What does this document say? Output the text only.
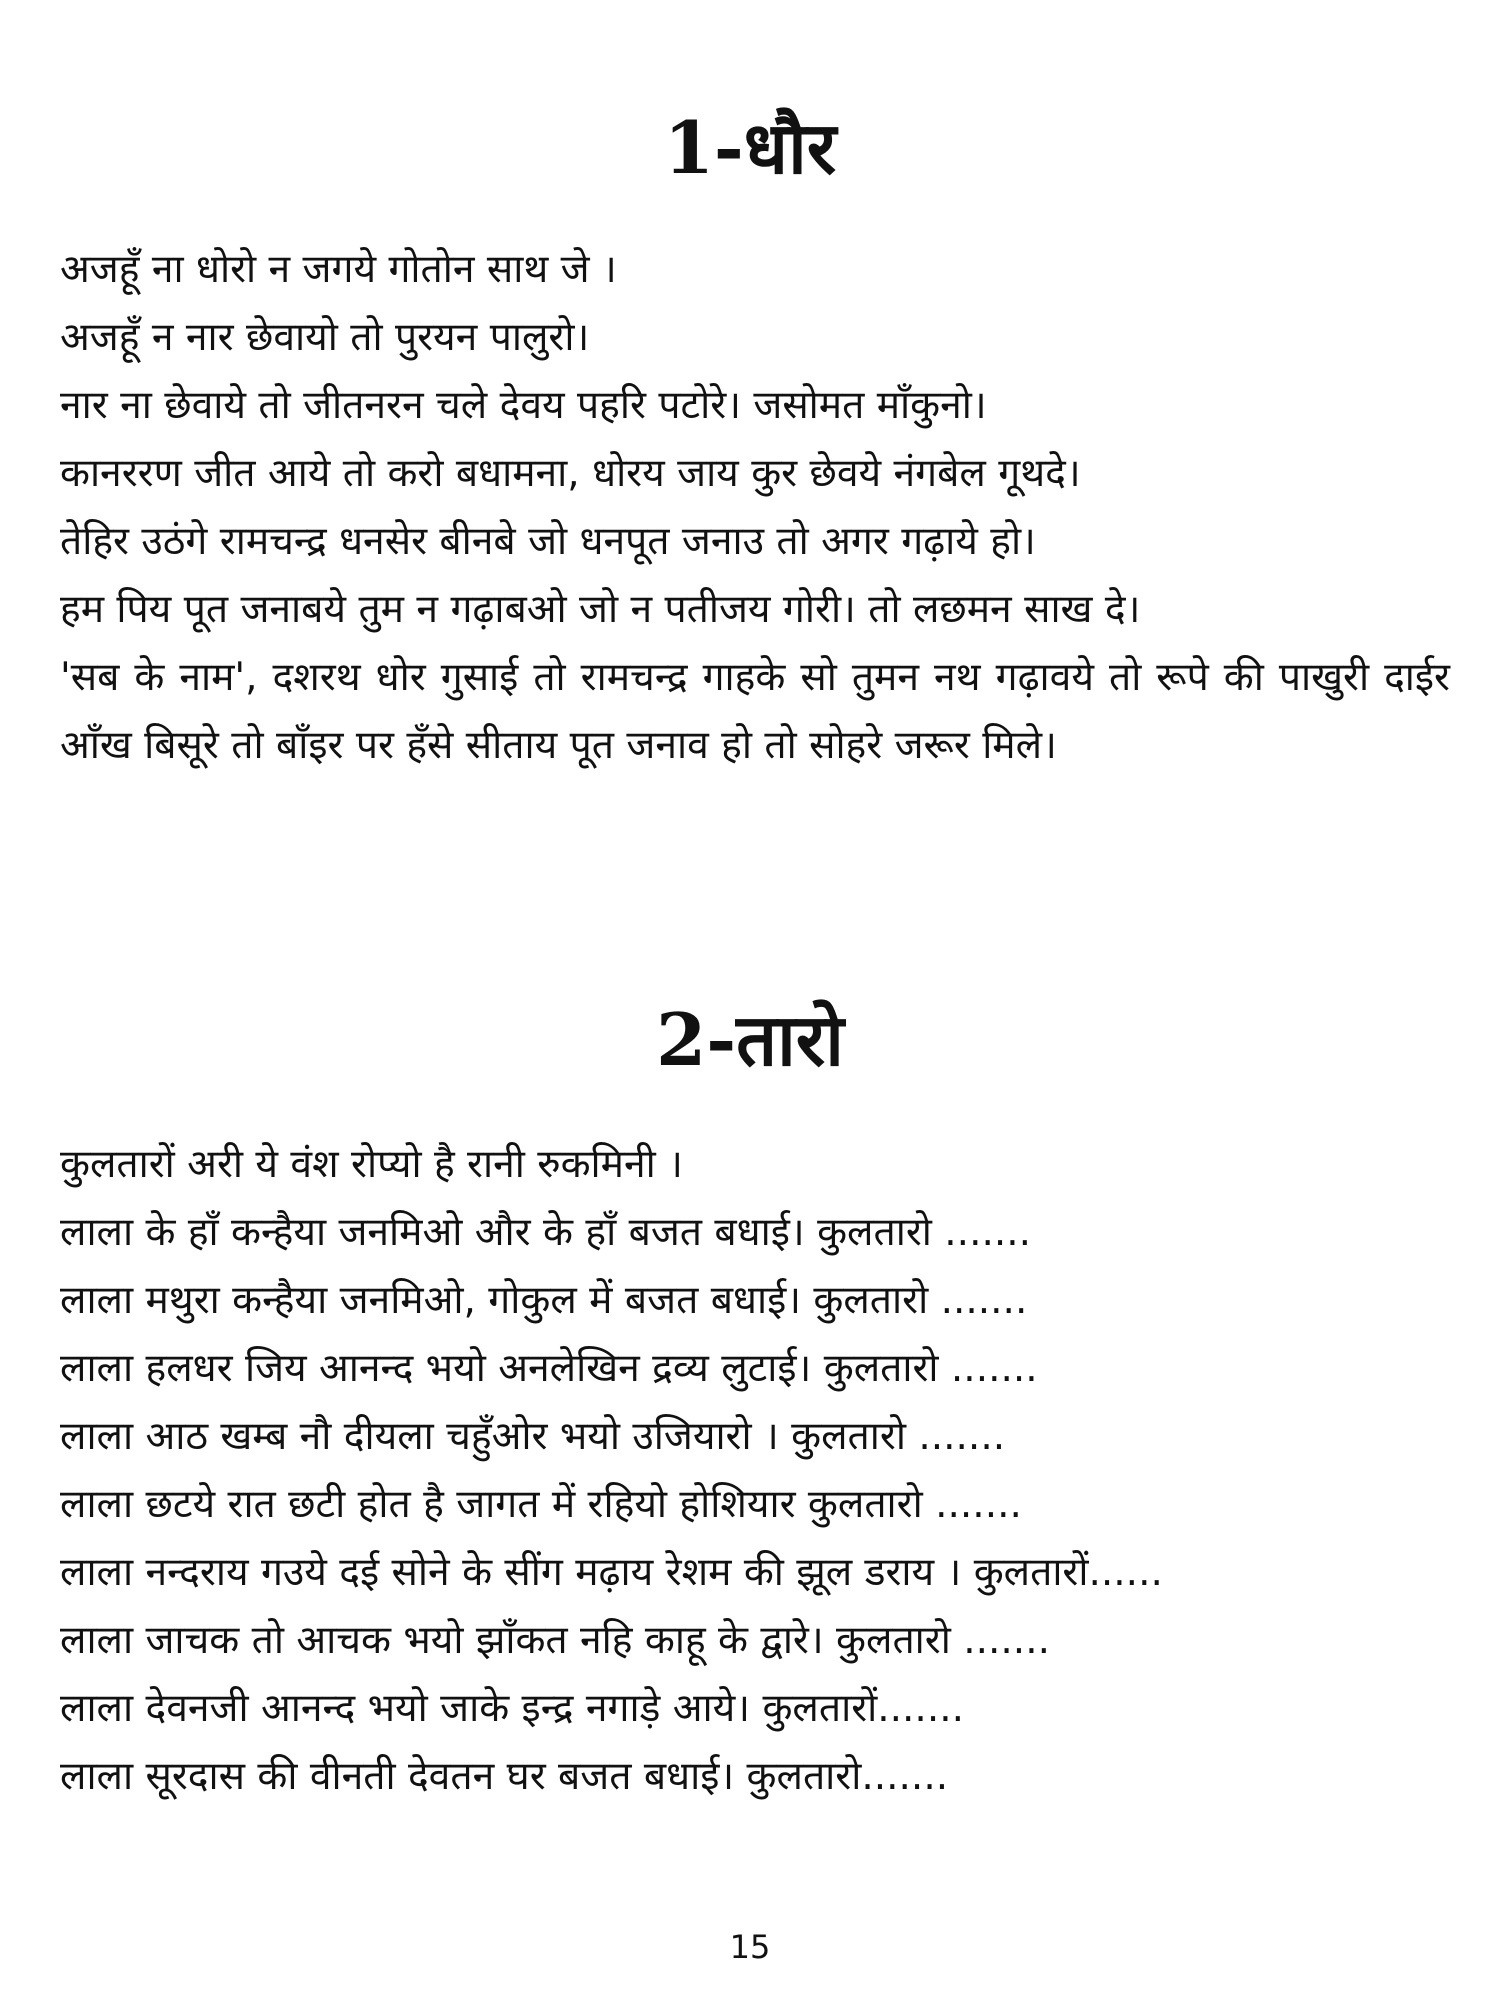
1-धौर

अजहूँ ना धोरो न जगये गोतोन साथ जे ।

अजहूँ न नार छेवायो तो पुरयन पालुरो।

नार ना छेवाये तो जीतनरन चले देवय पहरि पटोरे। जसोमत माँकुनो।

कानररण जीत आये तो करो बधामना, धोरय जाय कुर छेवये नंगबेल गूथदे।

तेहिर उठंगे रामचन्द्र धनसेर बीनबे जो धनपूत जनाउ तो अगर गढ़ाये हो।

हम पिय पूत जनाबये तुम न गढ़ाबओ जो न पतीजय गोरी। तो लछमन साख दे।

'सब के नाम', दशरथ धोर गुसाई तो रामचन्द्र गाहके सो तुमन नथ गढ़ावये तो रूपे की पाखुरी दाईर आँख बिसूरे तो बाँइर पर हँसे सीताय पूत जनाव हो तो सोहरे जरूर मिले।

2-तारो

कुलतारों अरी ये वंश रोप्यो है रानी रुकमिनी ।

लाला के हाँ कन्हैया जनमिओ और के हाँ बजत बधाई। कुलतारो .......

लाला मथुरा कन्हैया जनमिओ, गोकुल में बजत बधाई। कुलतारो .......

लाला हलधर जिय आनन्द भयो अनलेखिन द्रव्य लुटाई। कुलतारो .......

लाला आठ खम्ब नौ दीयला चहुँओर भयो उजियारो । कुलतारो .......

लाला छटये रात छटी होत है जागत में रहियो होशियार कुलतारो .......

लाला नन्दराय गउये दई सोने के सींग मढ़ाय रेशम की झूल डराय । कुलतारों......

लाला जाचक तो आचक भयो झाँकत नहि काहू के द्वारे। कुलतारो .......

लाला देवनजी आनन्द भयो जाके इन्द्र नगाड़े आये। कुलतारों.......

लाला सूरदास की वीनती देवतन घर बजत बधाई। कुलतारो.......

15
